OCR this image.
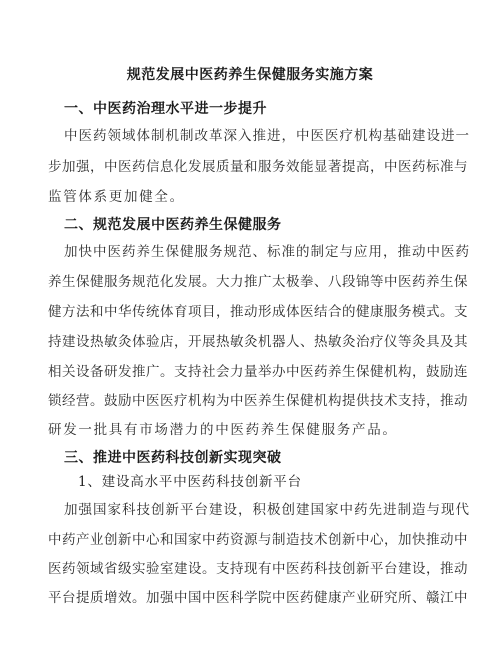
规范发展中医药养生保健服务实施方案
一、中医药治理水平进一步提升
中医药领域体制机制改革深入推进，中医医疗机构基础建设进一
步加强，中医药信息化发展质量和服务效能显著提高，中医药标准与
监管体系更加健全。
二、规范发展中医药养生保健服务
加快中医药养生保健服务规范、标准的制定与应用，推动中医药
养生保健服务规范化发展。大力推广太极拳、八段锦等中医药养生保
健方法和中华传统体育项目，推动形成体医结合的健康服务模式。支
持建设热敏灸体验店，开展热敏灸机器人、热敏灸治疗仪等灸具及其
相关设备研发推广。支持社会力量举办中医药养生保健机构，鼓励连
锁经营。鼓励中医医疗机构为中医养生保健机构提供技术支持，推动
研发一批具有市场潜力的中医药养生保健服务产品。
三、推进中医药科技创新实现突破
1、建设高水平中医药科技创新平台
加强国家科技创新平台建设，积极创建国家中药先进制造与现代
中药产业创新中心和国家中药资源与制造技术创新中心，加快推动中
医药领域省级实验室建设。支持现有中医药科技创新平台建设，推动
平台提质增效。加强中国中医科学院中医药健康产业研究所、赣江中
